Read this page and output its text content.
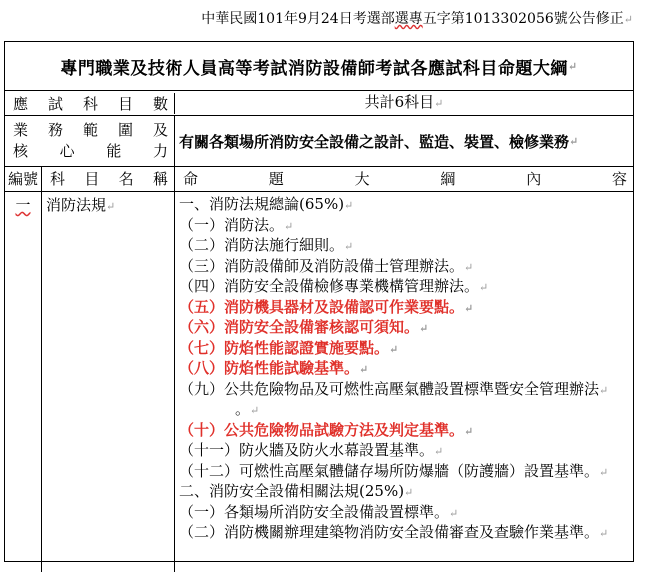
中華民國101年9月24日考選部選專五字第1013302056號公告修正↵
專門職業及技術人員高等考試消防設備師考試各應試科目命題大綱 ↵
應 試 科 目 數	共計6科目↵
業 務 範 圍 及
核 心 能 力
有關各類場所消防安全設備之設計、監造、裝置、檢修業務 ↵
編號 科 目 名 稱 命	題	大	綱	內	容
一	消防法規↵	一、消防法規總論(65%)↵
（一）消防法。↵
（二）消防法施行細則。↵
（三）消防設備師及消防設備士管理辦法。↵
（四）消防安全設備檢修專業機構管理辦法。↵
（五）消防機具器材及設備認可作業要點。↵
（六）消防安全設備審核認可須知。↵
（七）防焰性能認證實施要點。↵
（八）防焰性能試驗基準。↵
（九）公共危險物品及可燃性高壓氣體設置標準暨安全管理辦法↵
。↵
（十）公共危險物品試驗方法及判定基準。↵
（十一）防火牆及防火水幕設置基準。↵
（十二）可燃性高壓氣體儲存場所防爆牆（防護牆）設置基準。↵
二、消防安全設備相關法規(25%)↵
（一）各類場所消防安全設備設置標準。↵
（二）消防機關辦理建築物消防安全設備審查及查驗作業基準。↵
